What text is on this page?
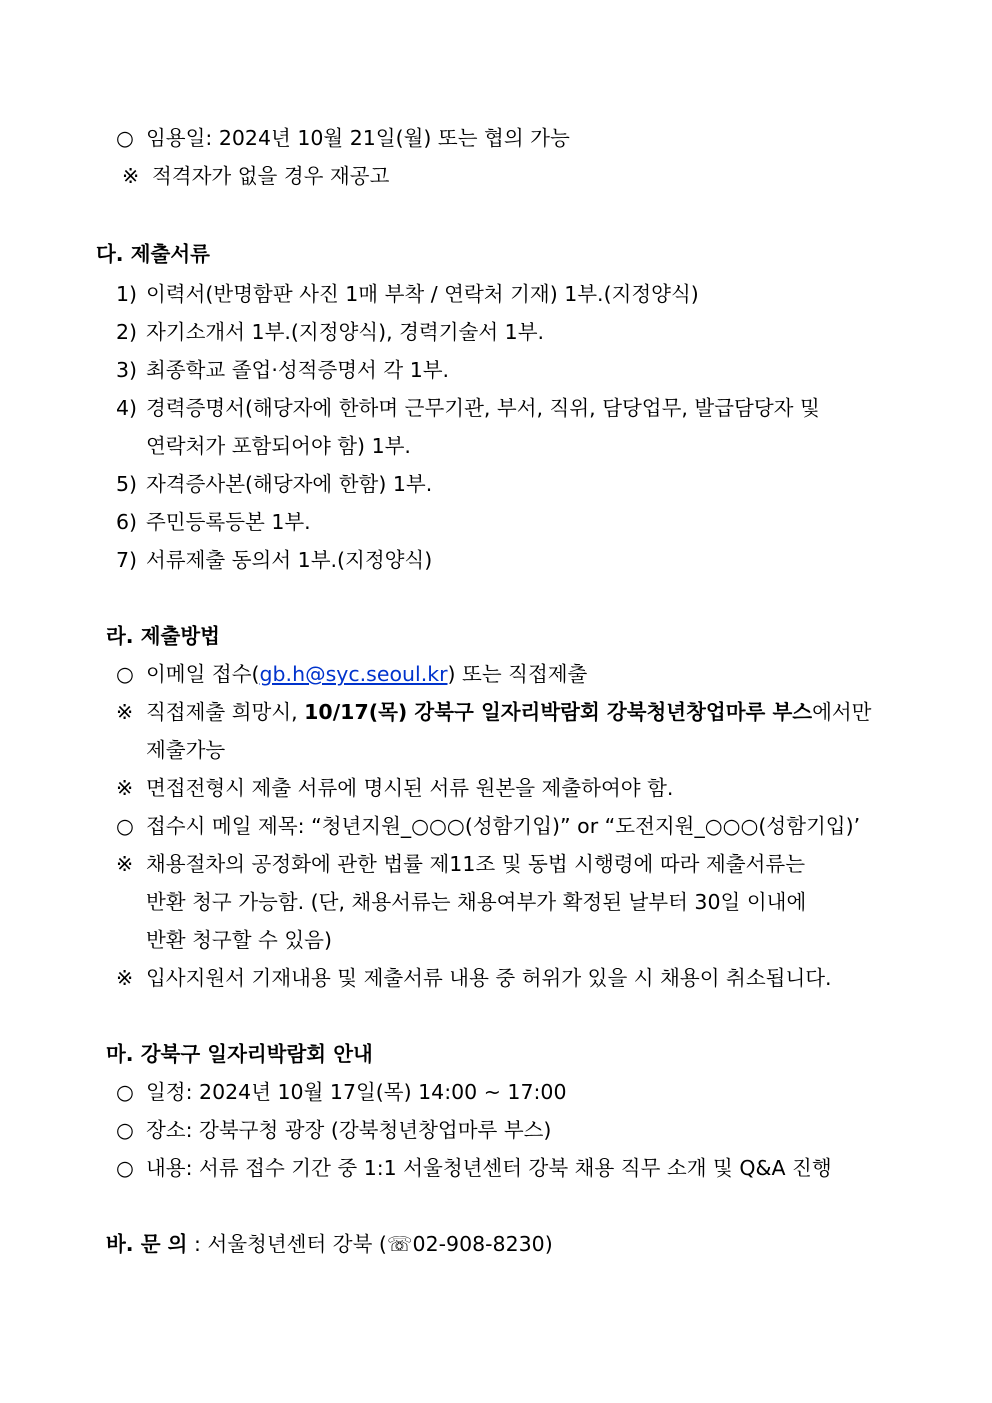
○ 임용일: 2024년 10월 21일(월) 또는 협의 가능
※ 적격자가 없을 경우 재공고
다. 제출서류
1) 이력서(반명함판 사진 1매 부착 / 연락처 기재) 1부.(지정양식)
2) 자기소개서 1부.(지정양식), 경력기술서 1부.
3) 최종학교 졸업·성적증명서 각 1부.
4) 경력증명서(해당자에 한하며 근무기관, 부서, 직위, 담당업무, 발급담당자 및
연락처가 포함되어야 함) 1부.
5) 자격증사본(해당자에 한함) 1부.
6) 주민등록등본 1부.
7) 서류제출 동의서 1부.(지정양식)
라. 제출방법
○ 이메일 접수(gb.h@syc.seoul.kr) 또는 직접제출
※ 직접제출 희망시, 10/17(목) 강북구 일자리박람회 강북청년창업마루 부스에서만
제출가능
※ 면접전형시 제출 서류에 명시된 서류 원본을 제출하여야 함.
○ 접수시 메일 제목: “청년지원_○○○(성함기입)” or “도전지원_○○○(성함기입)’
※ 채용절차의 공정화에 관한 법률 제11조 및 동법 시행령에 따라 제출서류는
반환 청구 가능함. (단, 채용서류는 채용여부가 확정된 날부터 30일 이내에
반환 청구할 수 있음)
※ 입사지원서 기재내용 및 제출서류 내용 중 허위가 있을 시 채용이 취소됩니다.
마. 강북구 일자리박람회 안내
○ 일정: 2024년 10월 17일(목) 14:00 ~ 17:00
○ 장소: 강북구청 광장 (강북청년창업마루 부스)
○ 내용: 서류 접수 기간 중 1:1 서울청년센터 강북 채용 직무 소개 및 Q&A 진행
바. 문 의 : 서울청년센터 강북 (☏02-908-8230)
